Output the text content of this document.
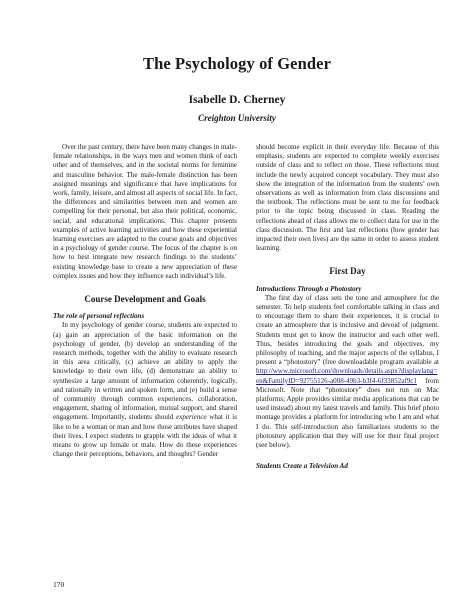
The Psychology of Gender
Isabelle D. Cherney
Creighton University

Over the past century, there have been many changes in male-female relationships, in the ways men and women think of each other and of themselves, and in the societal norms for feminine and masculine behavior. The male-female distinction has been assigned meanings and significance that have implications for work, family, leisure, and almost all aspects of social life. In fact, the differences and similarities between men and women are compelling for their personal, but also their political, economic, social, and educational implications. This chapter presents examples of active learning activities and how these experiential learning exercises are adapted to the course goals and objectives in a psychology of gender course. The focus of the chapter is on how to best integrate new research findings to the students’ existing knowledge base to create a new appreciation of these complex issues and how they influence each individual’s life.

Course Development and Goals
The role of personal reflections

In my psychology of gender course, students are expected to (a) gain an appreciation of the basic information on the psychology of gender, (b) develop an understanding of the research methods, together with the ability to evaluate research in this area critically, (c) achieve an ability to apply the knowledge to their own life, (d) demonstrate an ability to synthesize a large amount of information coherently, logically, and rationally in written and spoken form, and (e) build a sense of community through common experiences, collaboration, engagement, sharing of information, mutual support, and shared engagement. Importantly, students should experience what it is like to be a woman or man and how those attributes have shaped their lives. I expect students to grapple with the ideas of what it means to grow up female or male. How do these experiences change their perceptions, behaviors, and thoughts? Gender

should become explicit in their everyday life. Because of this emphasis, students are expected to complete weekly exercises outside of class and to reflect on those. These reflections must include the newly acquired concept vocabulary. They must also show the integration of the information from the students’ own observations as well as information from class discussions and the textbook. The reflections must be sent to me for feedback prior to the topic being discussed in class. Reading the reflections ahead of class allows me to collect data for use in the class discussion. The first and last reflections (how gender has impacted their own lives) are the same in order to assess student learning.

First Day
Introductions Through a Photostory

The first day of class sets the tone and atmosphere for the semester. To help students feel comfortable talking in class and to encourage them to share their experiences, it is crucial to create an atmosphere that is inclusive and devoid of judgment. Students must get to know the instructor and each other well. Thus, besides introducing the goals and objectives, my philosophy of teaching, and the major aspects of the syllabus, I present a “photostory” (free downloadable program available at http://www.microsoft.com/downloads/details.aspx?displaylang=en&FamilyID=92755126-a008-49b3-b3f4-6f33852af9c1 from Microsoft. Note that “photostory” does not run on Mac platforms; Apple provides similar media applications that can be used instead) about my latest travels and family. This brief photo montage provides a platform for introducing who I am and what I do. This self-introduction also familiarizes students to the photostory application that they will use for their final project (see below).

Students Create a Television Ad
170
